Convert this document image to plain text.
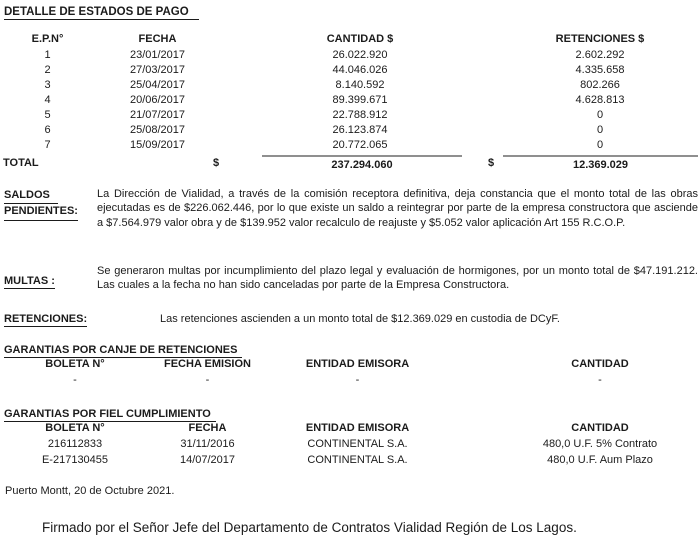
DETALLE DE ESTADOS DE PAGO
E.P.N°	FECHA	CANTIDAD $	RETENCIONES $
1	23/01/2017	26.022.920	2.602.292
2	27/03/2017	44.046.026	4.335.658
3	25/04/2017	8.140.592	802.266
4	20/06/2017	89.399.671	4.628.813
5	21/07/2017	22.788.912	0
6	25/08/2017	26.123.874	0
7	15/09/2017	20.772.065	0
TOTAL	$	237.294.060	$	12.369.029
SALDOS
PENDIENTES:
La Dirección de Vialidad, a través de la comisión receptora definitiva, deja constancia que el monto total de las obras ejecutadas es de $226.062.446, por lo que existe un saldo a reintegrar por parte de la empresa constructora que asciende a $7.564.979 valor obra y de $139.952 valor recalculo de reajuste y $5.052 valor aplicación Art 155 R.C.O.P.
MULTAS :
Se generaron multas por incumplimiento del plazo legal y evaluación de hormigones, por un monto total de $47.191.212. Las cuales a la fecha no han sido canceladas por parte de la Empresa Constructora.
RETENCIONES:	Las retenciones ascienden a un monto total de $12.369.029 en custodia de DCyF.
GARANTIAS POR CANJE DE RETENCIONES
BOLETA N°	FECHA EMISION	ENTIDAD EMISORA	CANTIDAD
-	-	-	-
GARANTIAS POR FIEL CUMPLIMIENTO
BOLETA N°	FECHA	ENTIDAD EMISORA	CANTIDAD
216112833	31/11/2016	CONTINENTAL S.A.	480,0 U.F. 5% Contrato
E-217130455	14/07/2017	CONTINENTAL S.A.	480,0 U.F. Aum Plazo
Puerto Montt, 20 de Octubre 2021.
Firmado por el Señor Jefe del Departamento de Contratos Vialidad Región de Los Lagos.
